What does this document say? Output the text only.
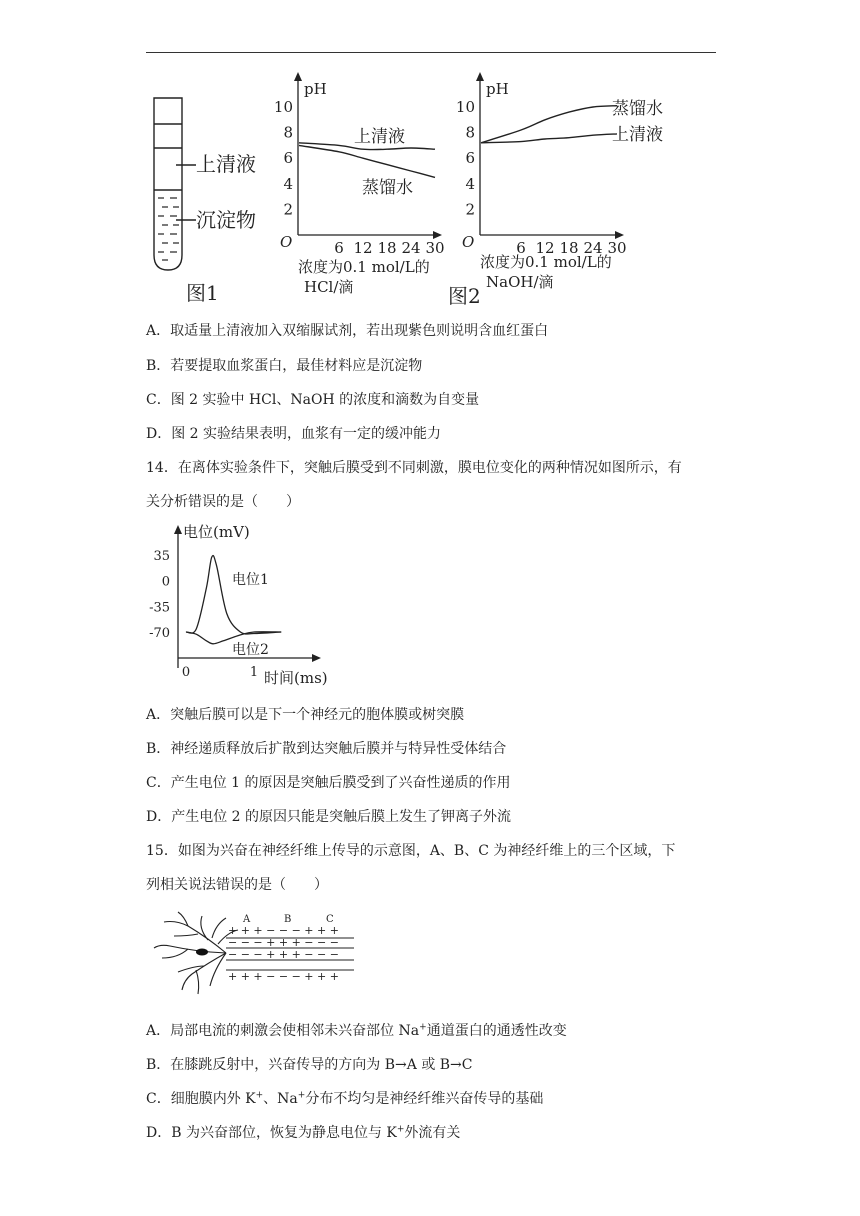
上清液
沉淀物
图1
pH
O
浓度为0.1 mol/L的
HCl/滴
10
8
6
4
2
6 12 18 24 30
上清液
蒸馏水
pH
O
浓度为0.1 mol/L的
NaOH/滴
10
8
6
4
2
6 12 18 24 30
蒸馏水
上清液
图2
A．取适量上清液加入双缩脲试剂，若出现紫色则说明含血红蛋白
B．若要提取血浆蛋白，最佳材料应是沉淀物
C．图 2 实验中 HCl、NaOH 的浓度和滴数为自变量
D．图 2 实验结果表明，血浆有一定的缓冲能力
14．在离体实验条件下，突触后膜受到不同刺激，膜电位变化的两种情况如图所示，有
关分析错误的是（　　）
电位(mV)
时间(ms)
35
0
-35
-70
0	1
电位1
电位2
A．突触后膜可以是下一个神经元的胞体膜或树突膜
B．神经递质释放后扩散到达突触后膜并与特异性受体结合
C．产生电位 1 的原因是突触后膜受到了兴奋性递质的作用
D．产生电位 2 的原因只能是突触后膜上发生了钾离子外流
15．如图为兴奋在神经纤维上传导的示意图，A、B、C 为神经纤维上的三个区域，下
列相关说法错误的是（　　）
A	B	C
+ + + − − − + + +
− − − + + + − − −
− − − + + + − − −
+ + + − − − + + +
A．局部电流的刺激会使相邻未兴奋部位 Na+通道蛋白的通透性改变
B．在膝跳反射中，兴奋传导的方向为 B→A 或 B→C
C．细胞膜内外 K+、Na+分布不均匀是神经纤维兴奋传导的基础
D．B 为兴奋部位，恢复为静息电位与 K+外流有关
